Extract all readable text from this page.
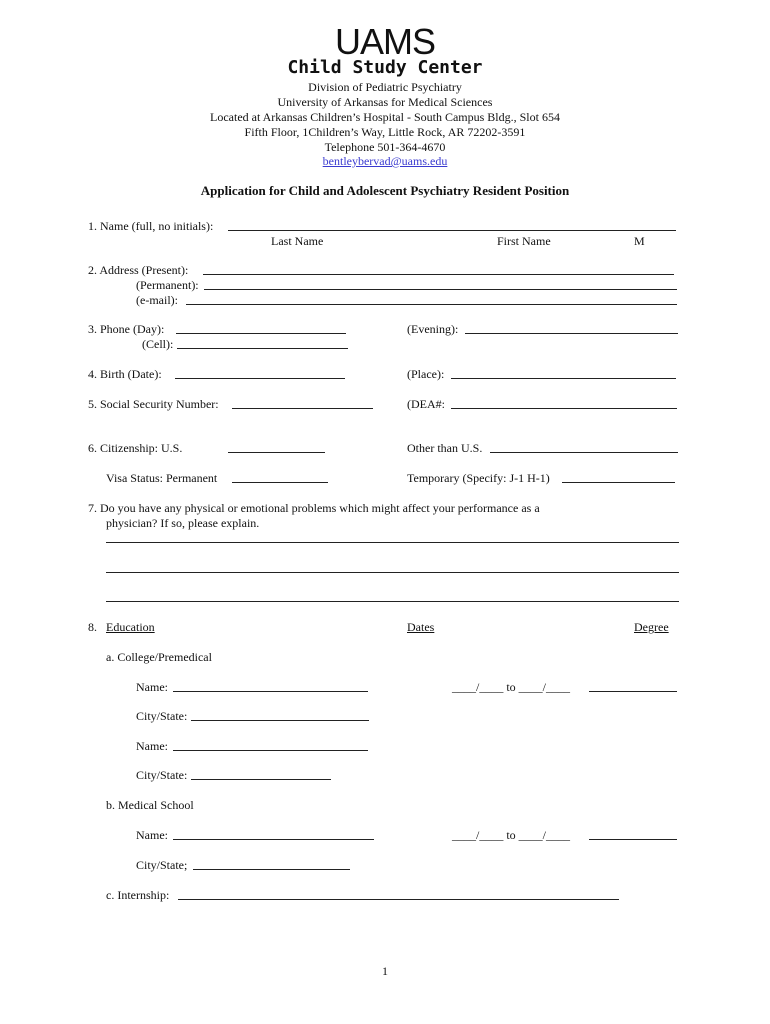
UAMS
Child Study Center
Division of Pediatric Psychiatry
University of Arkansas for Medical Sciences
Located at Arkansas Children’s Hospital - South Campus Bldg., Slot 654
Fifth Floor, 1Children’s Way, Little Rock, AR 72202-3591
Telephone 501-364-4670
bentleybervad@uams.edu
Application for Child and Adolescent Psychiatry Resident Position
1. Name (full, no initials):
Last Name	First Name	M
2. Address (Present):
(Permanent):
(e-mail):
3. Phone (Day):	(Evening):
(Cell):
4. Birth (Date):	(Place):
5. Social Security Number:	(DEA#:
6. Citizenship: U.S.	Other than U.S.
Visa Status: Permanent	Temporary (Specify: J-1 H-1)
7. Do you have any physical or emotional problems which might affect your performance as a
physician? If so, please explain.
8. Education	Dates	Degree
a. College/Premedical
Name:	____/____ to ____/____
City/State:
Name:
City/State:
b. Medical School
Name:	____/____ to ____/____
City/State;
c. Internship:
1
